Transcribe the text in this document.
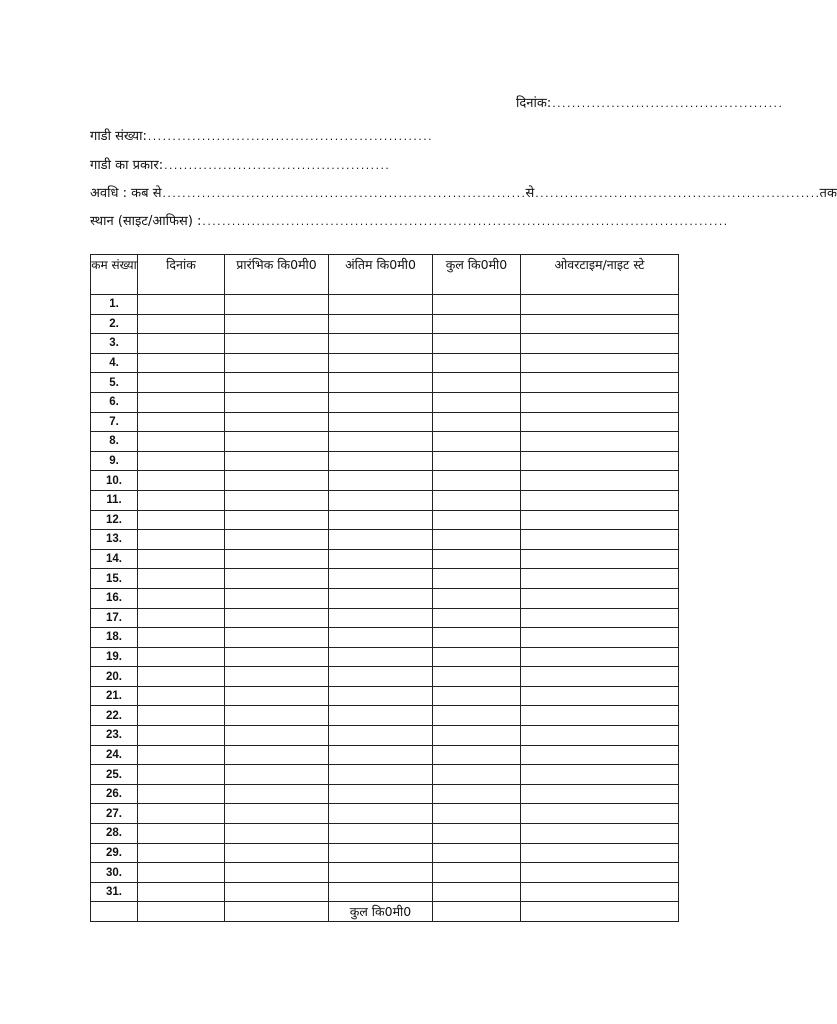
दिनांक:...............................................
गाडी संख्या:..........................................................
गाडी का प्रकार:..............................................
अवधि : कब से..........................................................................से..........................................................तक
स्थान (साइट/आफिस) :...........................................................................................................
कम संख्या	दिनांक	प्रारंभिक कि0मी0	अंतिम कि0मी0	कुल कि0मी0	ओवरटाइम/नाइट स्टे
1.					
2.					
3.					
4.					
5.					
6.					
7.					
8.					
9.					
10.					
11.					
12.					
13.					
14.					
15.					
16.					
17.					
18.					
19.					
20.					
21.					
22.					
23.					
24.					
25.					
26.					
27.					
28.					
29.					
30.					
31.					
			कुल कि0मी0		
